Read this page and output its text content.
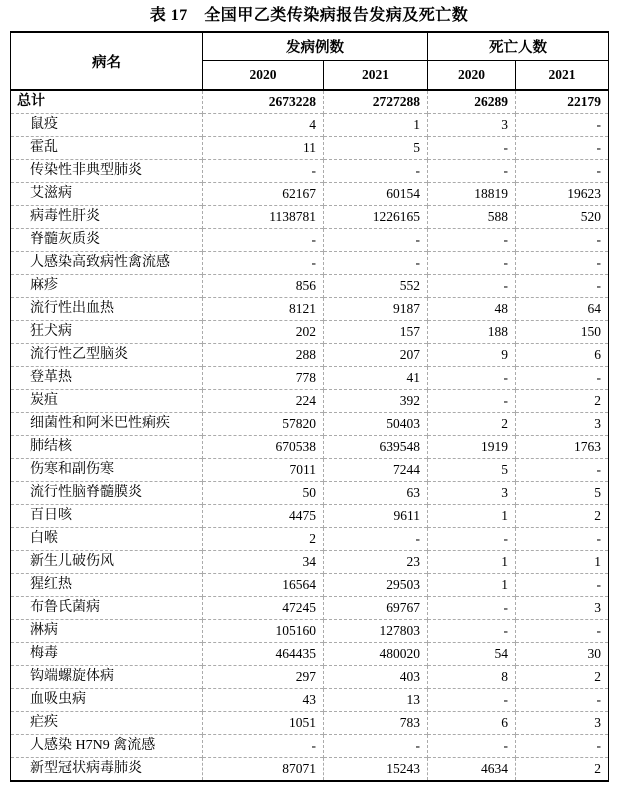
表 17　全国甲乙类传染病报告发病及死亡数
病名	发病例数		死亡人数	
	2020	2021	2020	2021
总计	2673228	2727288	26289	22179
鼠疫	4	1	3	-
霍乱	11	5	-	-
传染性非典型肺炎	-	-	-	-
艾滋病	62167	60154	18819	19623
病毒性肝炎	1138781	1226165	588	520
脊髓灰质炎	-	-	-	-
人感染高致病性禽流感	-	-	-	-
麻疹	856	552	-	-
流行性出血热	8121	9187	48	64
狂犬病	202	157	188	150
流行性乙型脑炎	288	207	9	6
登革热	778	41	-	-
炭疽	224	392	-	2
细菌性和阿米巴性痢疾	57820	50403	2	3
肺结核	670538	639548	1919	1763
伤寒和副伤寒	7011	7244	5	-
流行性脑脊髓膜炎	50	63	3	5
百日咳	4475	9611	1	2
白喉	2	-	-	-
新生儿破伤风	34	23	1	1
猩红热	16564	29503	1	-
布鲁氏菌病	47245	69767	-	3
淋病	105160	127803	-	-
梅毒	464435	480020	54	30
钩端螺旋体病	297	403	8	2
血吸虫病	43	13	-	-
疟疾	1051	783	6	3
人感染 H7N9 禽流感	-	-	-	-
新型冠状病毒肺炎	87071	15243	4634	2
